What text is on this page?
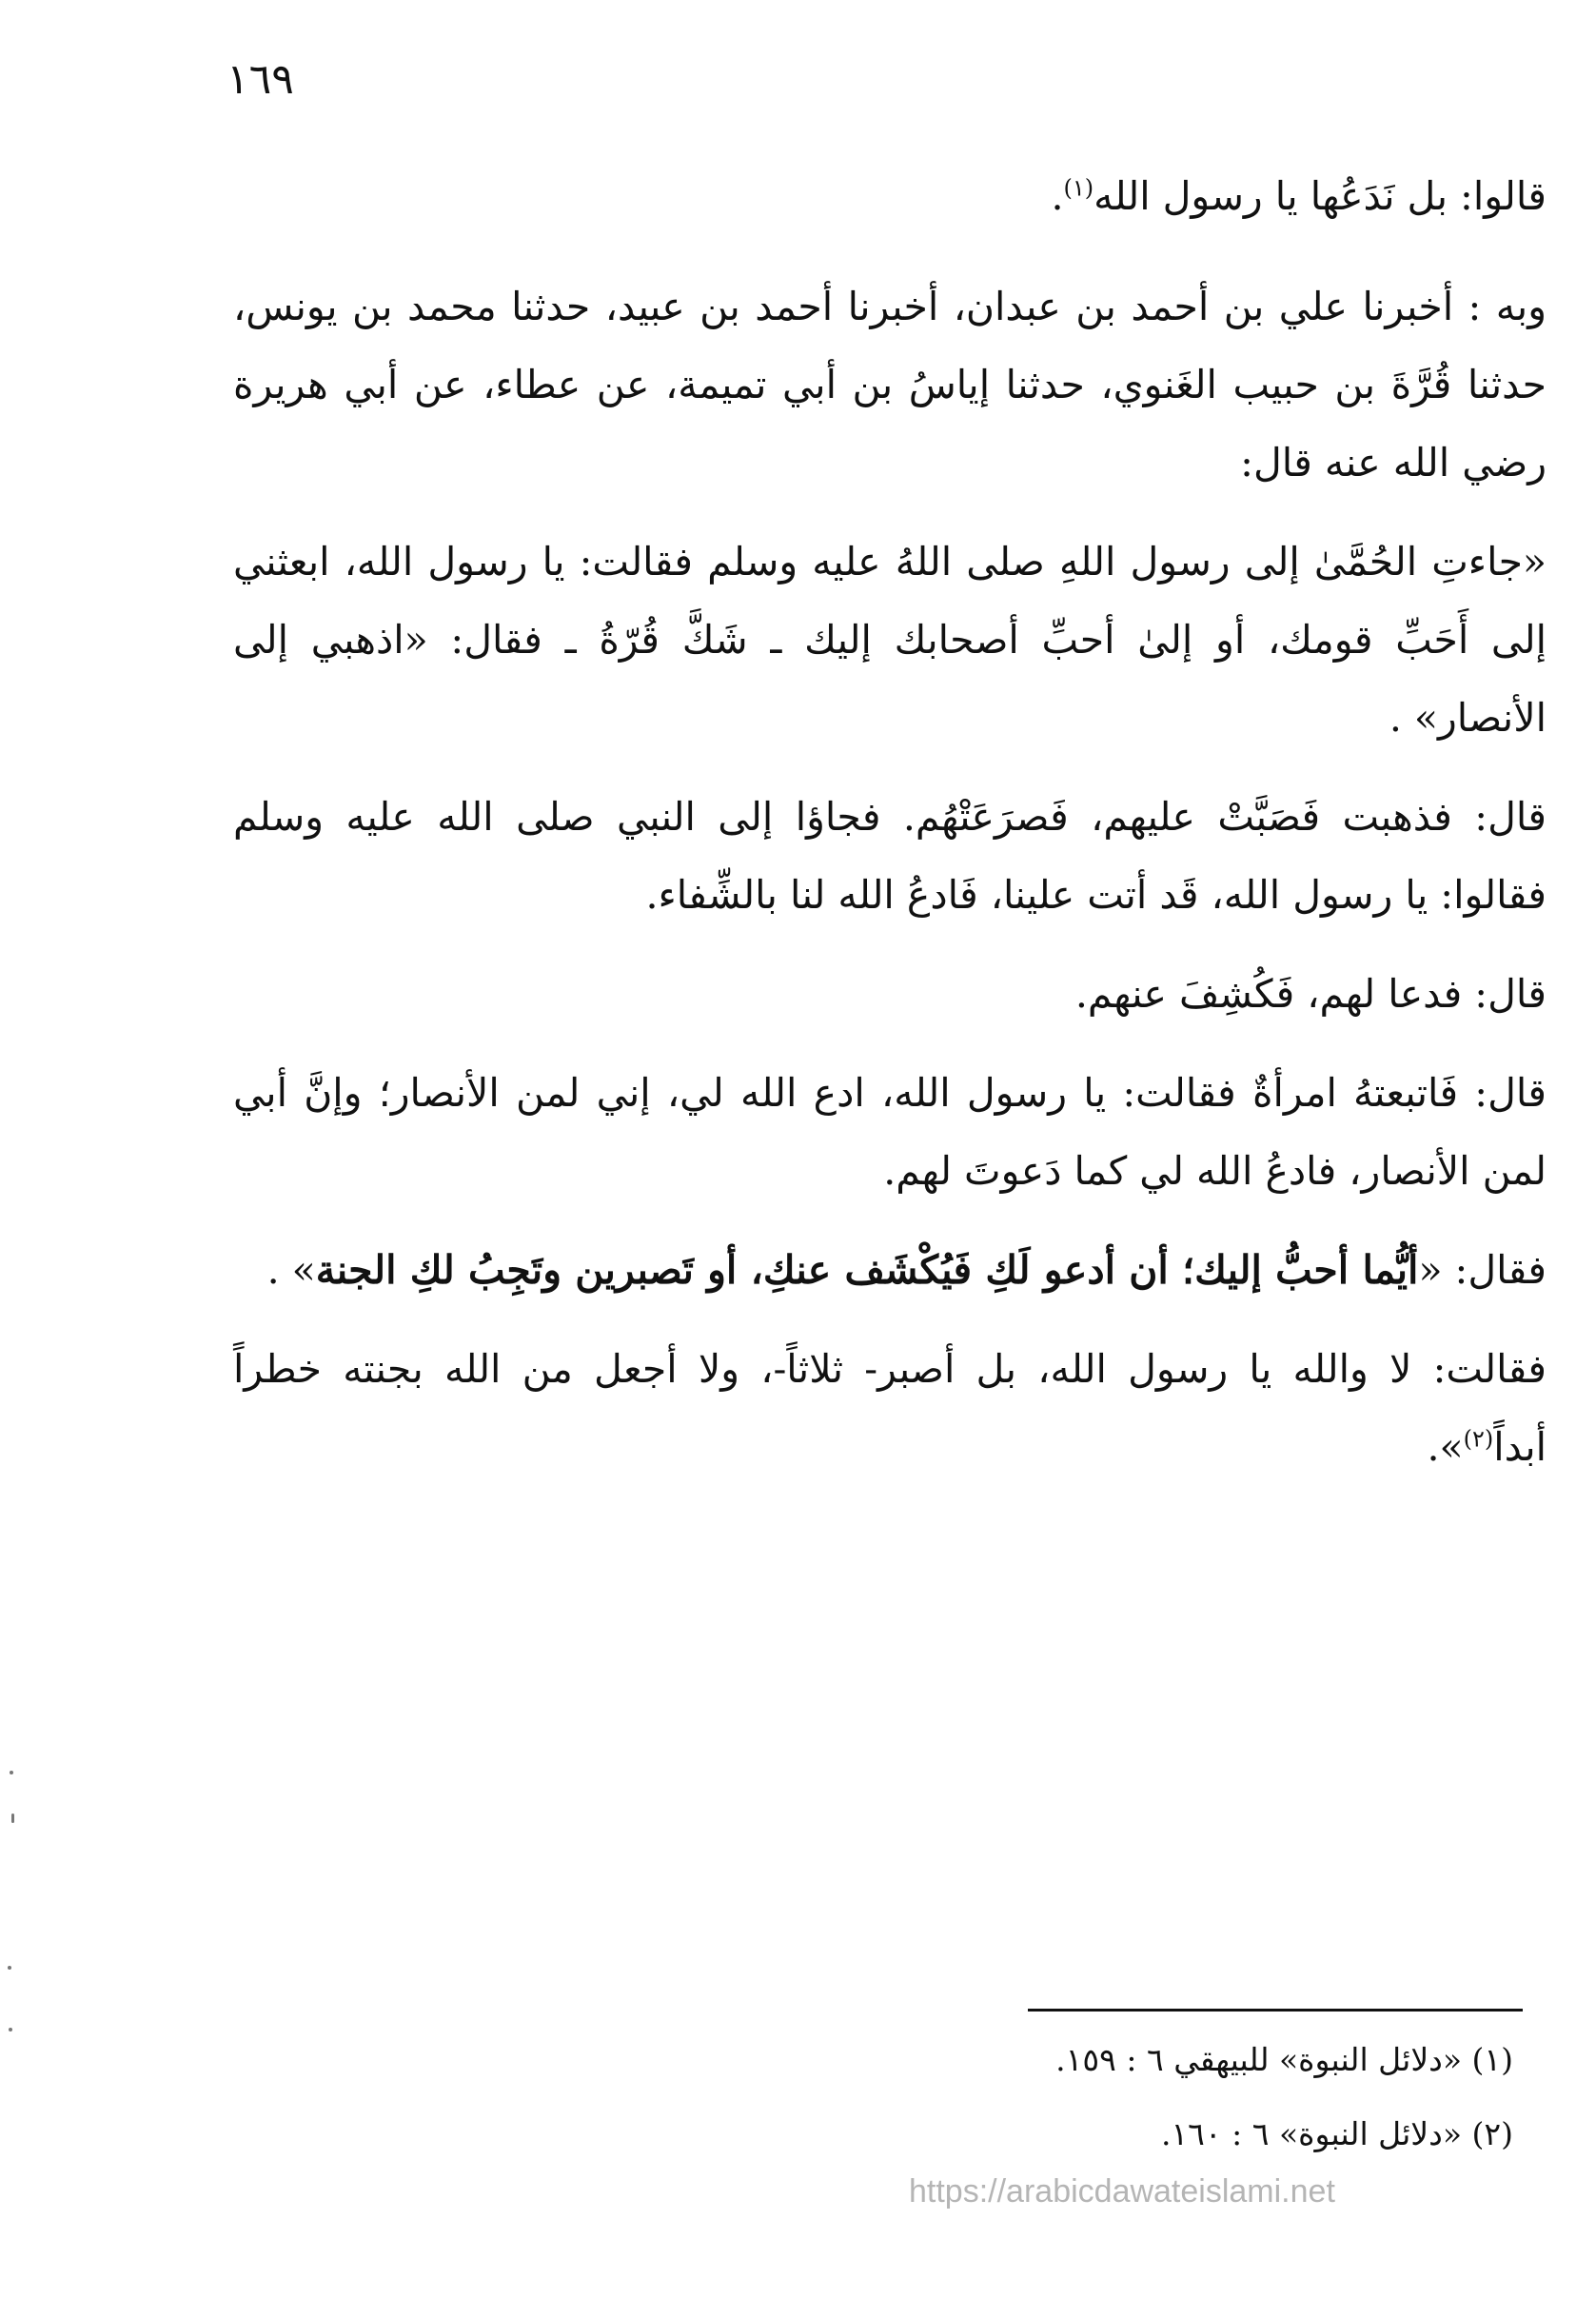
١٦٩

قالوا: بل نَدَعُها يا رسول الله$^{(١)}$.

وبه : أخبرنا علي بن أحمد بن عبدان، أخبرنا أحمد بن عبيد، حدثنا محمد بن يونس، حدثنا قُرَّةَ بن حبيب الغَنوي، حدثنا إياسُ بن أبي تميمة، عن عطاء، عن أبي هريرة رضي الله عنه قال:

«جاءتِ الحُمَّىٰ إلى رسول اللهِ صلى اللهُ عليه وسلم فقالت: يا رسول الله، ابعثني إلى أَحَبِّ قومك، أو إلىٰ أحبِّ أصحابك إليك ـ شَكَّ قُرّةُ ـ فقال: «اذهبي إلى الأنصار» .

قال: فذهبت فَصَبَّتْ عليهم، فَصرَعَتْهُم. فجاؤا إلى النبي صلى الله عليه وسلم فقالوا: يا رسول الله، قَد أتت علينا، فَادعُ الله لنا بالشِّفاء.

قال: فدعا لهم، فَكُشِفَ عنهم.

قال: فَاتبعتهُ امرأةٌ فقالت: يا رسول الله، ادع الله لي، إني لمن الأنصار؛ وإنَّ أبي لمن الأنصار، فادعُ الله لي كما دَعوتَ لهم.

فقال: «أيُّما أحبُّ إليك؛ أن أدعو لَكِ فَيُكْشَف عنكِ، أو تَصبرين وتَجِبُ لكِ الجنة» .

فقالت: لا والله يا رسول الله، بل أصبر- ثلاثاً-، ولا أجعل من الله بجنته خطراً أبداً$^{(٢)}$».

(١) «دلائل النبوة» للبيهقي ٦ : ١٥٩.

(٢) «دلائل النبوة» ٦ : ١٦٠.

https://arabicdawateislami.net
